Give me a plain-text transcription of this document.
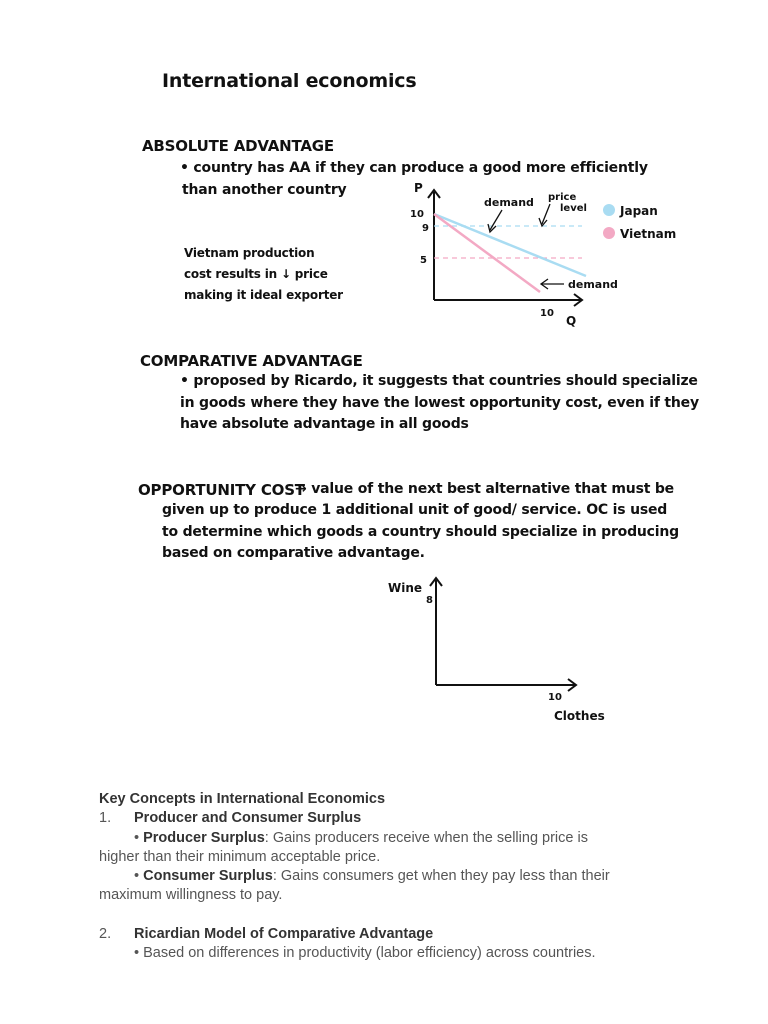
International economics
ABSOLUTE ADVANTAGE
• country has AA if they can produce a good more efficiently
than another country
Vietnam production
cost results in ↓ price
making it ideal exporter
P
Q
10
9
5
10
demand price
level
demand
Japan
Vietnam
COMPARATIVE ADVANTAGE
• proposed by Ricardo, it suggests that countries should specialize
in goods where they have the lowest opportunity cost, even if they
have absolute advantage in all goods
OPPORTUNITY COST
→ value of the next best alternative that must be
given up to produce 1 additional unit of good/ service. OC is used
to determine which goods a country should specialize in producing
based on comparative advantage.
Wine
8
10
Clothes
Key Concepts in International Economics
1. Producer and Consumer Surplus
• Producer Surplus: Gains producers receive when the selling price is
higher than their minimum acceptable price.
• Consumer Surplus: Gains consumers get when they pay less than their
maximum willingness to pay.
2. Ricardian Model of Comparative Advantage
• Based on differences in productivity (labor efficiency) across countries.
